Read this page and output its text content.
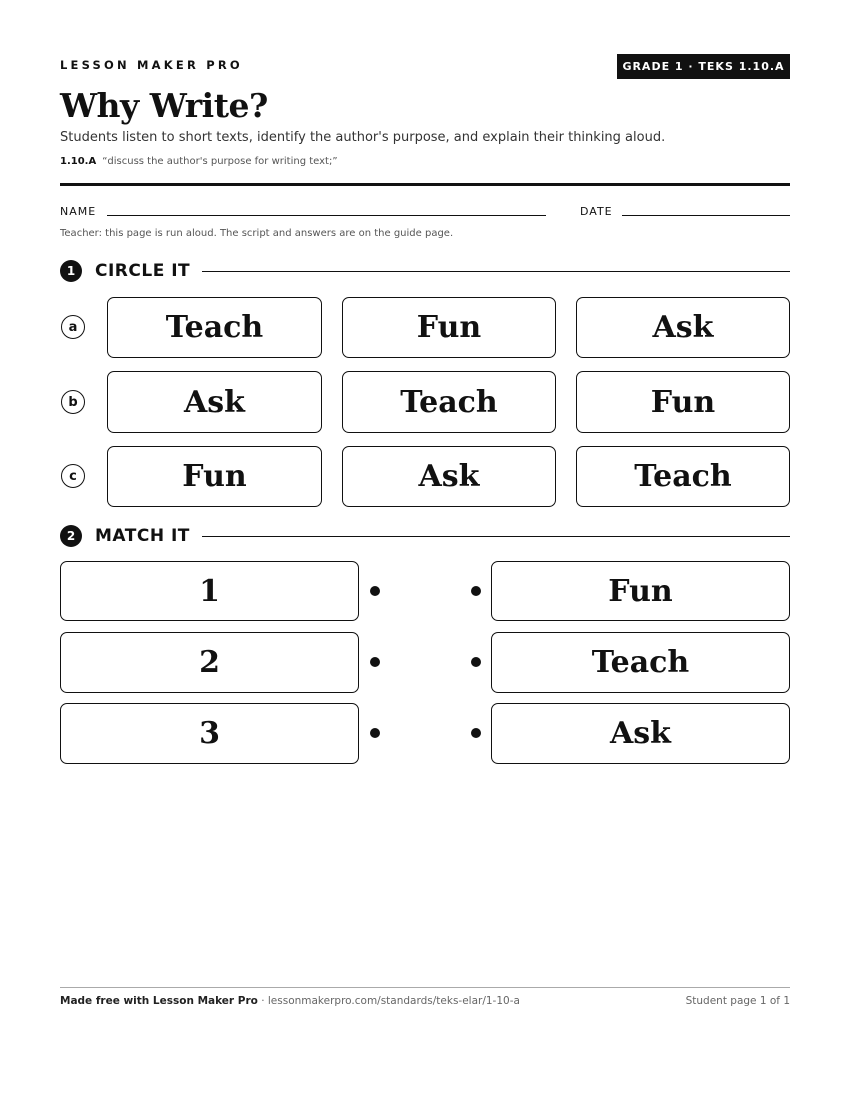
LESSON MAKER PRO	GRADE 1 · TEKS 1.10.A
Why Write?
Students listen to short texts, identify the author's purpose, and explain their thinking aloud.
1.10.A “discuss the author's purpose for writing text;”
NAME	DATE
Teacher: this page is run aloud. The script and answers are on the guide page.
1	CIRCLE IT
a	Teach	Fun	Ask
b	Ask	Teach	Fun
c	Fun	Ask	Teach
2	MATCH IT
1	Fun
2	Teach
3	Ask
Made free with Lesson Maker Pro · lessonmakerpro.com/standards/teks-elar/1-10-a	Student page 1 of 1
